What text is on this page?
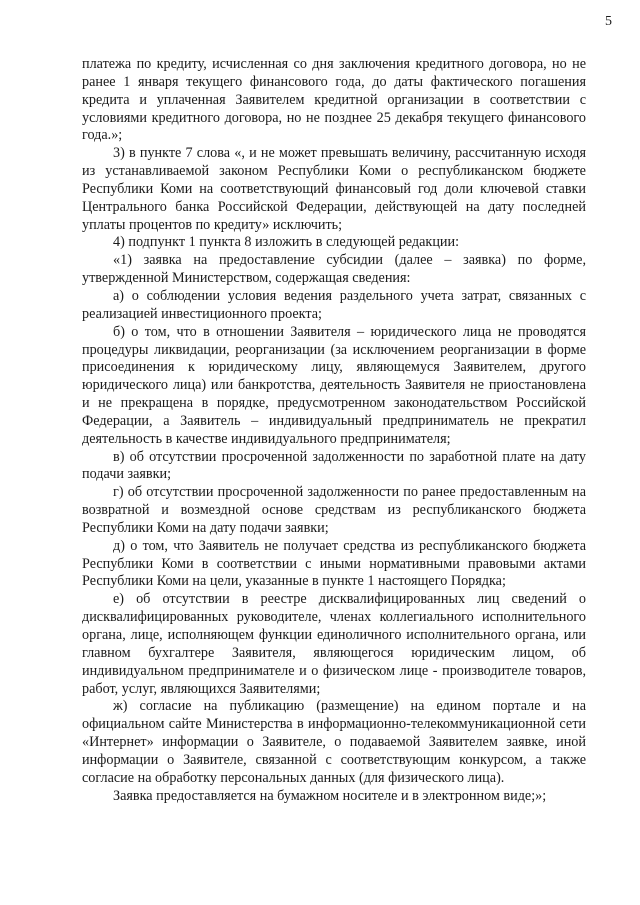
5

платежа по кредиту, исчисленная со дня заключения кредитного договора, но не ранее 1 января текущего финансового года, до даты фактического погашения кредита и уплаченная Заявителем кредитной организации в соответствии с условиями кредитного договора, но не позднее 25 декабря текущего финансового года.»;

3) в пункте 7 слова «, и не может превышать величину, рассчитанную исходя из устанавливаемой законом Республики Коми о республиканском бюджете Республики Коми на соответствующий финансовый год доли ключевой ставки Центрального банка Российской Федерации, действующей на дату последней уплаты процентов по кредиту» исключить;

4) подпункт 1 пункта 8 изложить в следующей редакции:

«1) заявка на предоставление субсидии (далее – заявка) по форме, утвержденной Министерством, содержащая сведения:

а) о соблюдении условия ведения раздельного учета затрат, связанных с реализацией инвестиционного проекта;

б) о том, что в отношении Заявителя – юридического лица не проводятся процедуры ликвидации, реорганизации (за исключением реорганизации в форме присоединения к юридическому лицу, являющемуся Заявителем, другого юридического лица) или банкротства, деятельность Заявителя не приостановлена и не прекращена в порядке, предусмотренном законодательством Российской Федерации, а Заявитель – индивидуальный предприниматель не прекратил деятельность в качестве индивидуального предпринимателя;

в) об отсутствии просроченной задолженности по заработной плате на дату подачи заявки;

г) об отсутствии просроченной задолженности по ранее предоставленным на возвратной и возмездной основе средствам из республиканского бюджета Республики Коми на дату подачи заявки;

д) о том, что Заявитель не получает средства из республиканского бюджета Республики Коми в соответствии с иными нормативными правовыми актами Республики Коми на цели, указанные в пункте 1 настоящего Порядка;

е) об отсутствии в реестре дисквалифицированных лиц сведений о дисквалифицированных руководителе, членах коллегиального исполнительного органа, лице, исполняющем функции единоличного исполнительного органа, или главном бухгалтере Заявителя, являющегося юридическим лицом, об индивидуальном предпринимателе и о физическом лице - производителе товаров, работ, услуг, являющихся Заявителями;

ж) согласие на публикацию (размещение) на едином портале и на официальном сайте Министерства в информационно-телекоммуникационной сети «Интернет» информации о Заявителе, о подаваемой Заявителем заявке, иной информации о Заявителе, связанной с соответствующим конкурсом, а также согласие на обработку персональных данных (для физического лица).

Заявка предоставляется на бумажном носителе и в электронном виде;»;
